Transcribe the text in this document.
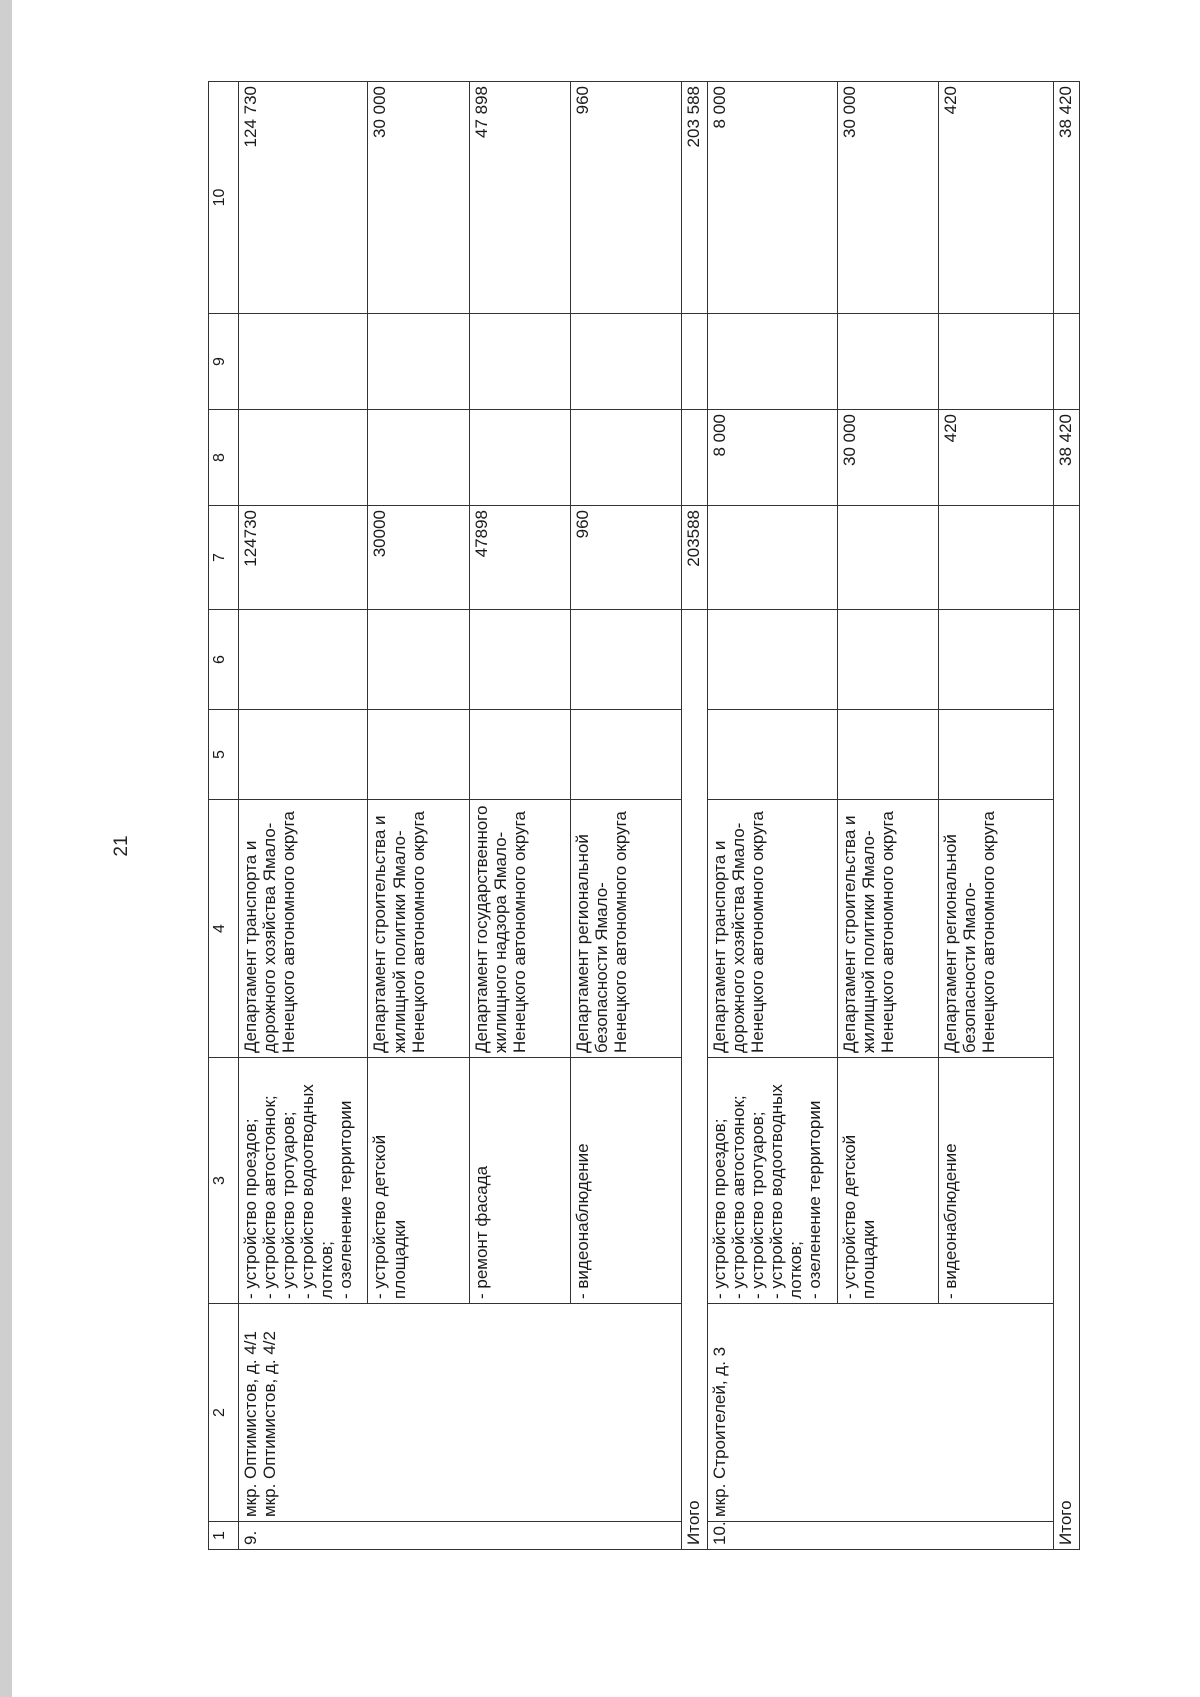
21
1	2	3	4	5	6	7	8	9	10
9.	мкр. Оптимистов, д. 4/1
мкр. Оптимистов, д. 4/2	- устройство проездов;
- устройство автостоянок;
- устройство тротуаров;
- устройство водоотводных лотков;
- озеленение территории	Департамент транспорта и дорожного хозяйства Ямало-Ненецкого автономного округа			124730			124 730
		- устройство детской площадки	Департамент строительства и жилищной политики Ямало-Ненецкого автономного округа			30000			30 000
		- ремонт фасада	Департамент государственного жилищного надзора Ямало-Ненецкого автономного округа			47898			47 898
		- видеонаблюдение	Департамент региональной безопасности Ямало-Ненецкого автономного округа			960			960
Итого						203588			203 588
10.	мкр. Строителей, д. 3	- устройство проездов;
- устройство автостоянок;
- устройство тротуаров;
- устройство водоотводных лотков;
- озеленение территории	Департамент транспорта и дорожного хозяйства Ямало-Ненецкого автономного округа				8 000		8 000
		- устройство детской площадки	Департамент строительства и жилищной политики Ямало-Ненецкого автономного округа				30 000		30 000
		- видеонаблюдение	Департамент региональной безопасности Ямало-Ненецкого автономного округа				420		420
Итого							38 420		38 420
